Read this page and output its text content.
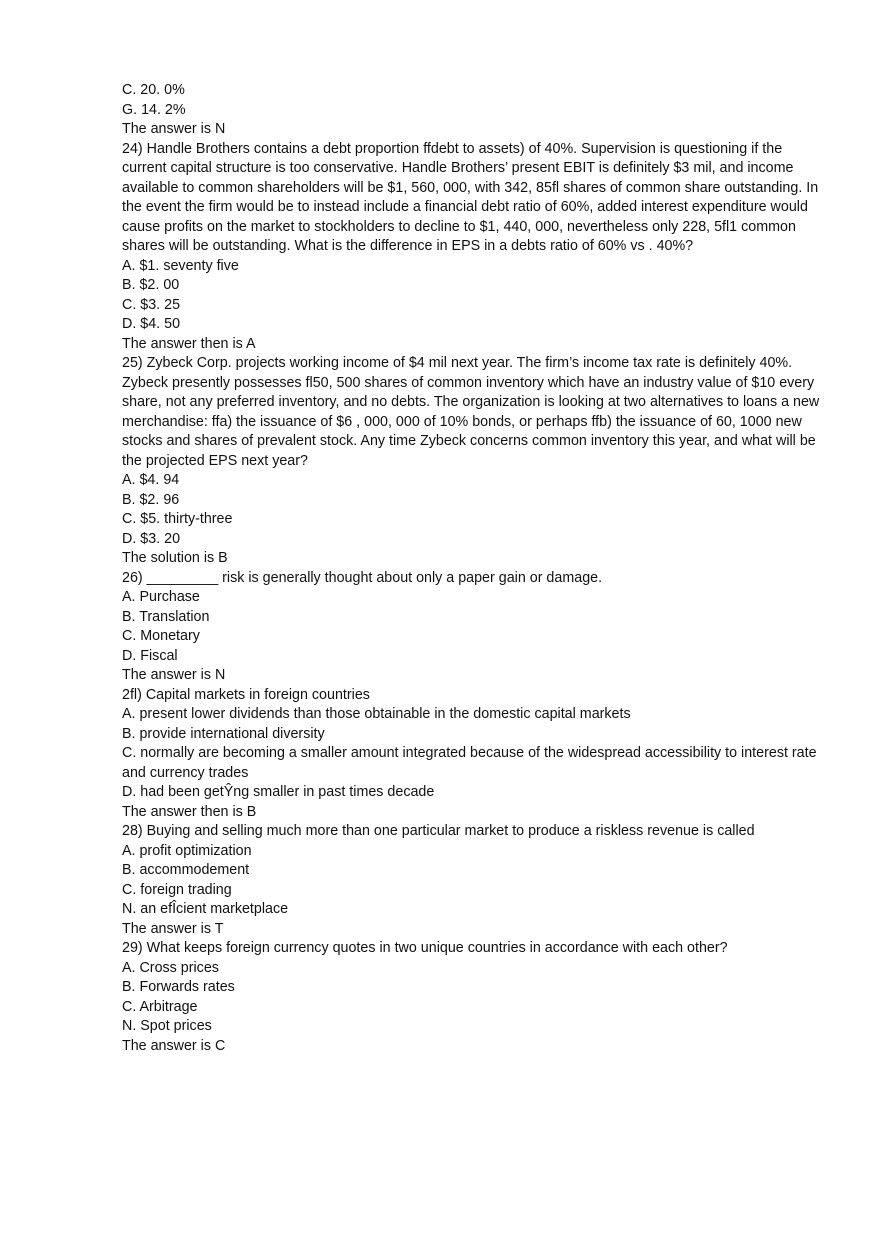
C. 20. 0%

G. 14. 2%

The answer is N

24) Handle Brothers contains a debt proportion ffdebt to assets) of 40%. Supervision is questioning if the current capital structure is too conservative. Handle Brothers’ present EBIT is definitely $3 mil, and income available to common shareholders will be $1, 560, 000, with 342, 85fl shares of common share outstanding. In the event the firm would be to instead include a financial debt ratio of 60%, added interest expenditure would cause profits on the market to stockholders to decline to $1, 440, 000, nevertheless only 228, 5fl1 common shares will be outstanding. What is the difference in EPS in a debts ratio of 60% vs . 40%?

A. $1. seventy five

B. $2. 00

C. $3. 25

D. $4. 50

The answer then is A

25) Zybeck Corp. projects working income of $4 mil next year. The firm’s income tax rate is definitely 40%. Zybeck presently possesses fl50, 500 shares of common inventory which have an industry value of $10 every share, not any preferred inventory, and no debts. The organization is looking at two alternatives to loans a new merchandise: ffa) the issuance of $6 , 000, 000 of 10% bonds, or perhaps ffb) the issuance of 60, 1000 new stocks and shares of prevalent stock. Any time Zybeck concerns common inventory this year, and what will be the projected EPS next year?

A. $4. 94

B. $2. 96

C. $5. thirty-three

D. $3. 20

The solution is B

26) _________ risk is generally thought about only a paper gain or damage.

A. Purchase

B. Translation

C. Monetary

D. Fiscal

The answer is N

2fl) Capital markets in foreign countries

A. present lower dividends than those obtainable in the domestic capital markets

B. provide international diversity

C. normally are becoming a smaller amount integrated because of the widespread accessibility to interest rate and currency trades

D. had been getŶng smaller in past times decade

The answer then is B

28) Buying and selling much more than one particular market to produce a riskless revenue is called

A. profit optimization

B. accommodement

C. foreign trading

N. an efÎcient marketplace

The answer is T

29) What keeps foreign currency quotes in two unique countries in accordance with each other?

A. Cross prices

B. Forwards rates

C. Arbitrage

N. Spot prices

The answer is C
